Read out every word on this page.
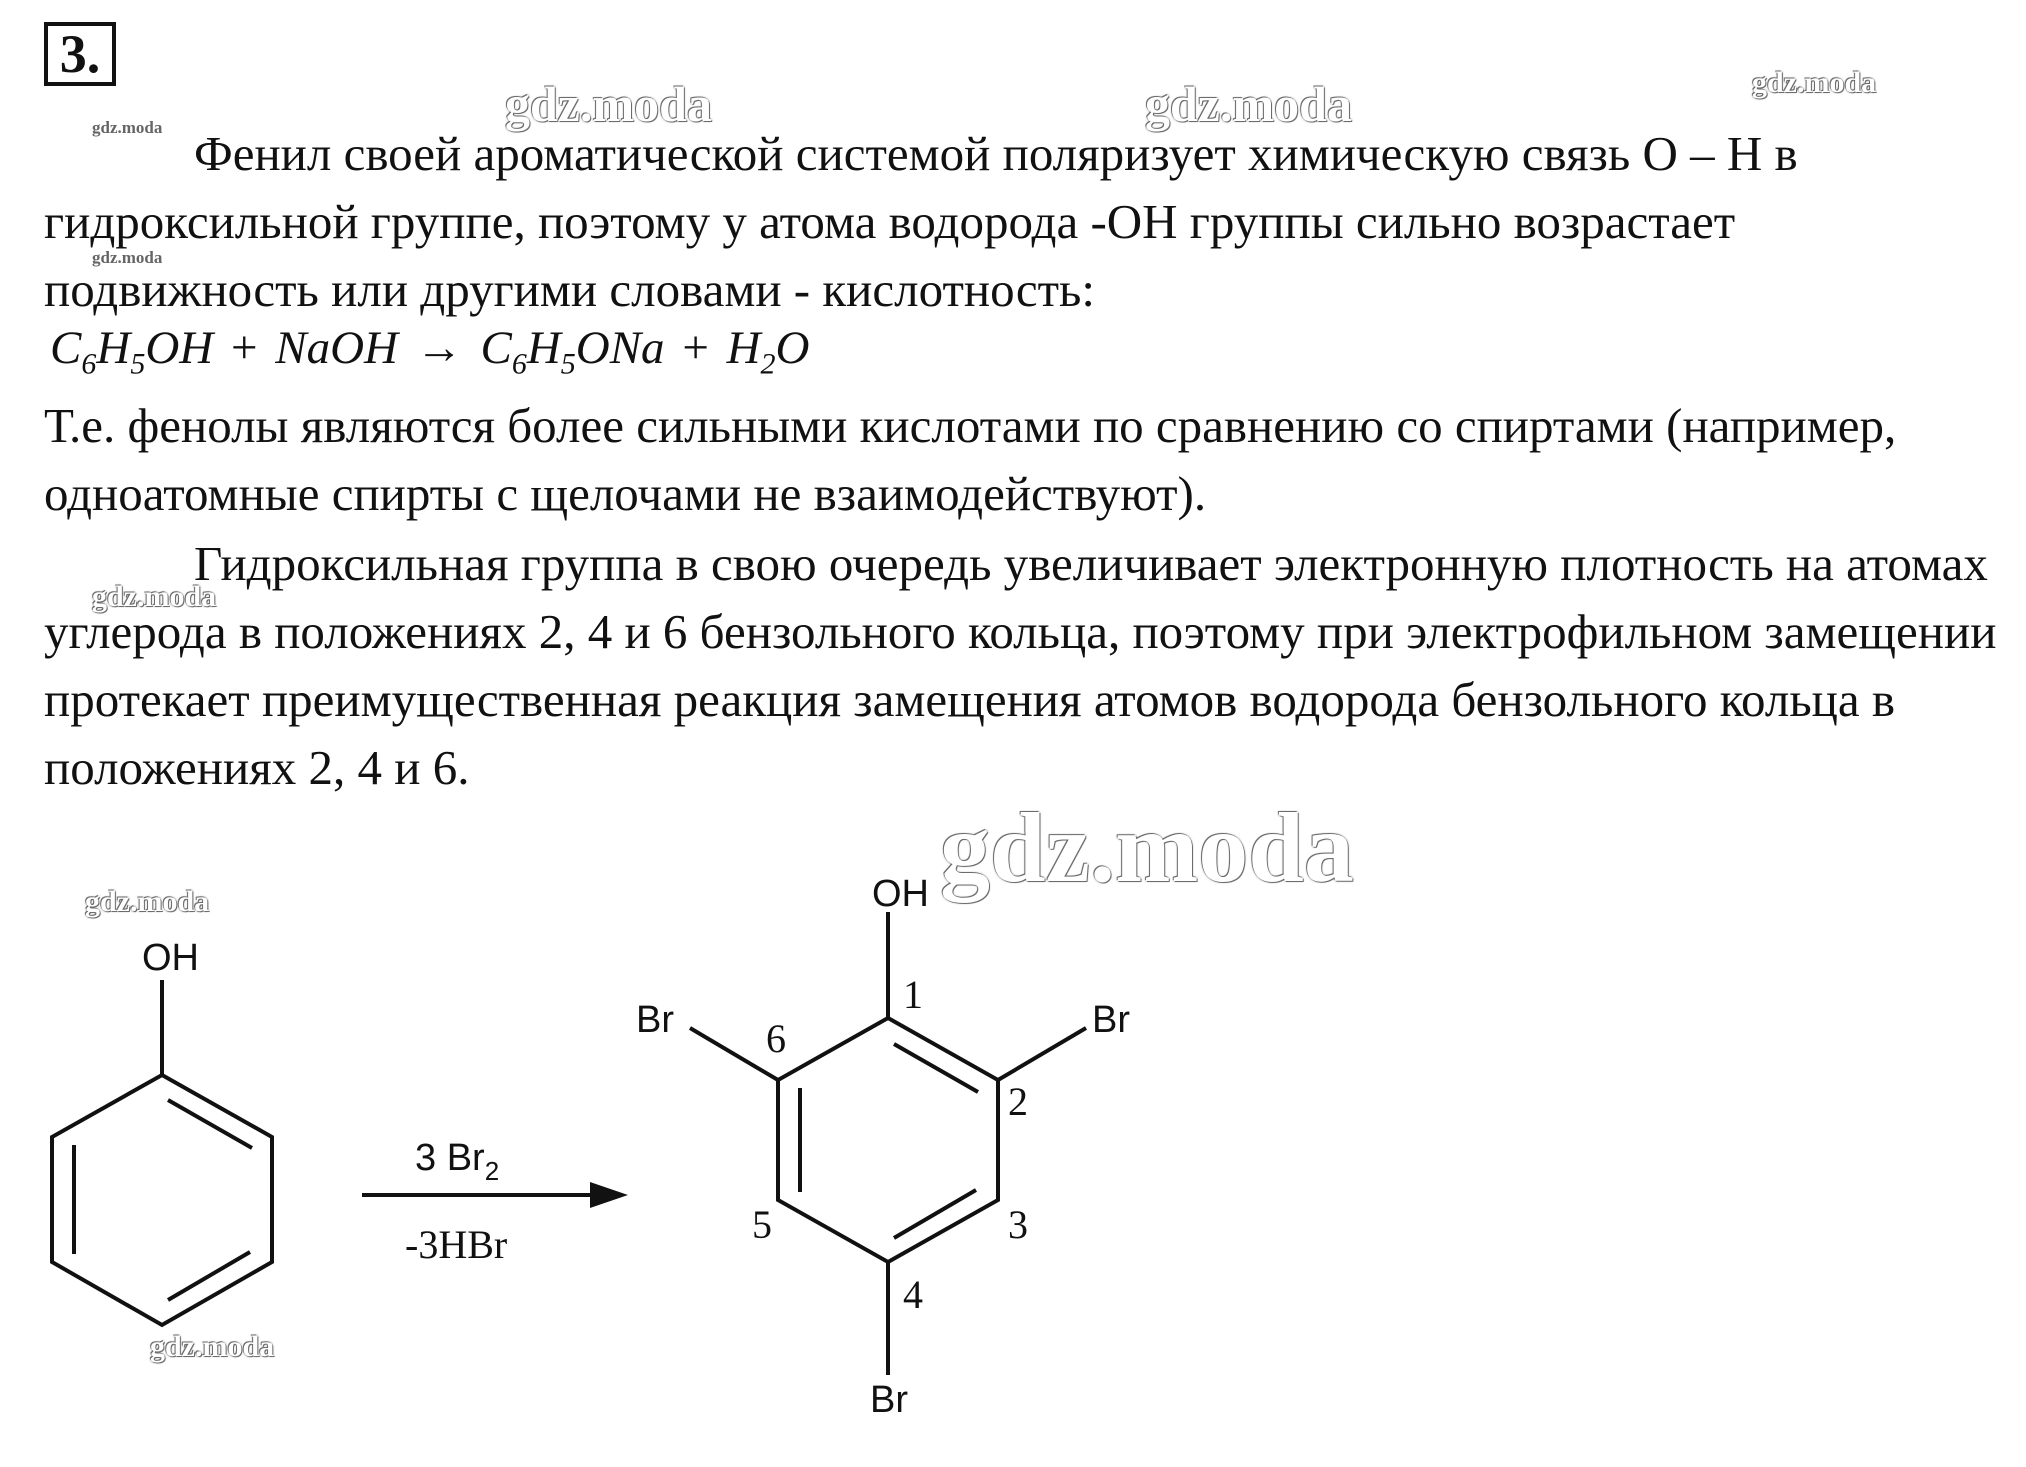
3.

Фенил своей ароматической системой поляризует химическую связь О – Н в гидроксильной группе, поэтому у атома водорода -ОН группы сильно возрастает подвижность или другими словами - кислотность:

$C_6H_5OH$ + NaOH → $C_6H_5ONa + H_2O$

Т.е. фенолы являются более сильными кислотами по сравнению со спиртами (например, одноатомные спирты с щелочами не взаимодействуют).

Гидроксильная группа в свою очередь увеличивает электронную плотность на атомах углерода в положениях 2, 4 и 6 бензольного кольца, поэтому при электрофильном замещении протекает преимущественная реакция замещения атомов водорода бензольного кольца в положениях 2, 4 и 6.

OH
3 $Br_2$
-3HBr
OH
Br	Br
Br
1
2
3
4
5
6
gdz.moda	gdz.moda	gdz.moda
gdz.moda
gdz.moda
gdz.moda
gdz.moda
gdz.moda
gdz.moda
